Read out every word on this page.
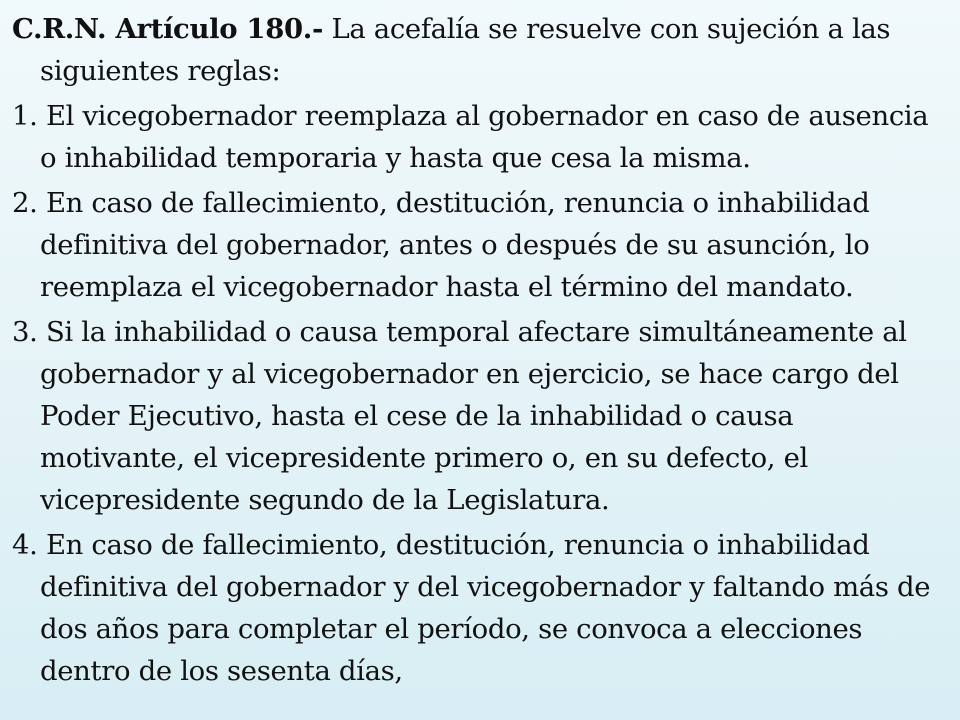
C.R.N. Artículo 180.- La acefalía se resuelve con sujeción a las siguientes reglas:

1. El vicegobernador reemplaza al gobernador en caso de ausencia o inhabilidad temporaria y hasta que cesa la misma.

2. En caso de fallecimiento, destitución, renuncia o inhabilidad definitiva del gobernador, antes o después de su asunción, lo reemplaza el vicegobernador hasta el término del mandato.

3. Si la inhabilidad o causa temporal afectare simultáneamente al gobernador y al vicegobernador en ejercicio, se hace cargo del Poder Ejecutivo, hasta el cese de la inhabilidad o causa motivante, el vicepresidente primero o, en su defecto, el vicepresidente segundo de la Legislatura.

4. En caso de fallecimiento, destitución, renuncia o inhabilidad definitiva del gobernador y del vicegobernador y faltando más de dos años para completar el período, se convoca a elecciones dentro de los sesenta días,
